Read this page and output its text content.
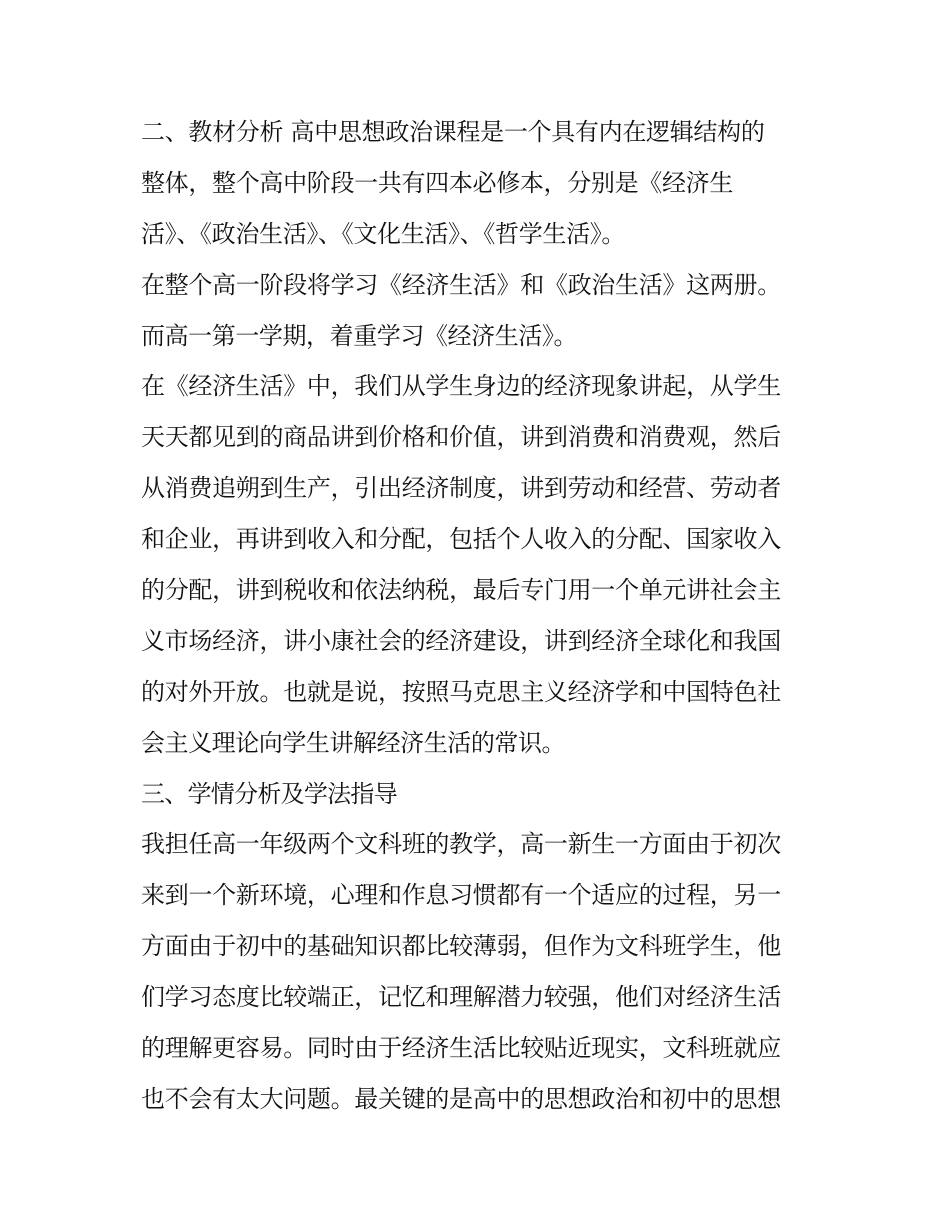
二、教材分析 高中思想政治课程是一个具有内在逻辑结构的
整体，整个高中阶段一共有四本必修本，分别是《经济生
活》、《政治生活》、《文化生活》、《哲学生活》。
在整个高一阶段将学习《经济生活》和《政治生活》这两册。
而高一第一学期，着重学习《经济生活》。
在《经济生活》中，我们从学生身边的经济现象讲起，从学生
天天都见到的商品讲到价格和价值，讲到消费和消费观，然后
从消费追朔到生产，引出经济制度，讲到劳动和经营、劳动者
和企业，再讲到收入和分配，包括个人收入的分配、国家收入
的分配，讲到税收和依法纳税，最后专门用一个单元讲社会主
义市场经济，讲小康社会的经济建设，讲到经济全球化和我国
的对外开放。也就是说，按照马克思主义经济学和中国特色社
会主义理论向学生讲解经济生活的常识。
三、学情分析及学法指导
我担任高一年级两个文科班的教学，高一新生一方面由于初次
来到一个新环境，心理和作息习惯都有一个适应的过程，另一
方面由于初中的基础知识都比较薄弱，但作为文科班学生，他
们学习态度比较端正，记忆和理解潜力较强，他们对经济生活
的理解更容易。同时由于经济生活比较贴近现实，文科班就应
也不会有太大问题。最关键的是高中的思想政治和初中的思想
